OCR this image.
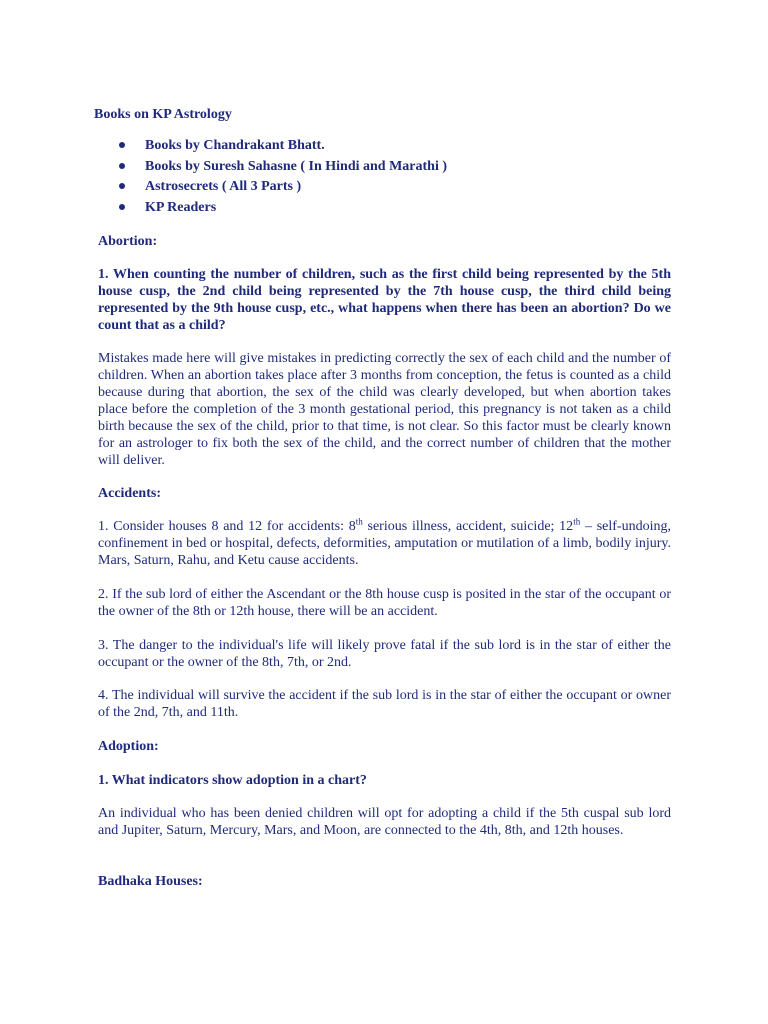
Books on KP Astrology

Books by Chandrakant Bhatt.
Books by Suresh Sahasne ( In Hindi and Marathi )
Astrosecrets ( All 3 Parts )
KP Readers

Abortion:

1. When counting the number of children, such as the first child being represented by the 5th house cusp, the 2nd child being represented by the 7th house cusp, the third child being represented by the 9th house cusp, etc., what happens when there has been an abortion? Do we count that as a child?

Mistakes made here will give mistakes in predicting correctly the sex of each child and the number of children. When an abortion takes place after 3 months from conception, the fetus is counted as a child because during that abortion, the sex of the child was clearly developed, but when abortion takes place before the completion of the 3 month gestational period, this pregnancy is not taken as a child birth because the sex of the child, prior to that time, is not clear. So this factor must be clearly known for an astrologer to fix both the sex of the child, and the correct number of children that the mother will deliver.

Accidents:

1. Consider houses 8 and 12 for accidents: 8th serious illness, accident, suicide; 12th – self-undoing, confinement in bed or hospital, defects, deformities, amputation or mutilation of a limb, bodily injury. Mars, Saturn, Rahu, and Ketu cause accidents.

2. If the sub lord of either the Ascendant or the 8th house cusp is posited in the star of the occupant or the owner of the 8th or 12th house, there will be an accident.

3. The danger to the individual's life will likely prove fatal if the sub lord is in the star of either the occupant or the owner of the 8th, 7th, or 2nd.

4. The individual will survive the accident if the sub lord is in the star of either the occupant or owner of the 2nd, 7th, and 11th.

Adoption:

1. What indicators show adoption in a chart?

An individual who has been denied children will opt for adopting a child if the 5th cuspal sub lord and Jupiter, Saturn, Mercury, Mars, and Moon, are connected to the 4th, 8th, and 12th houses.

Badhaka Houses:
